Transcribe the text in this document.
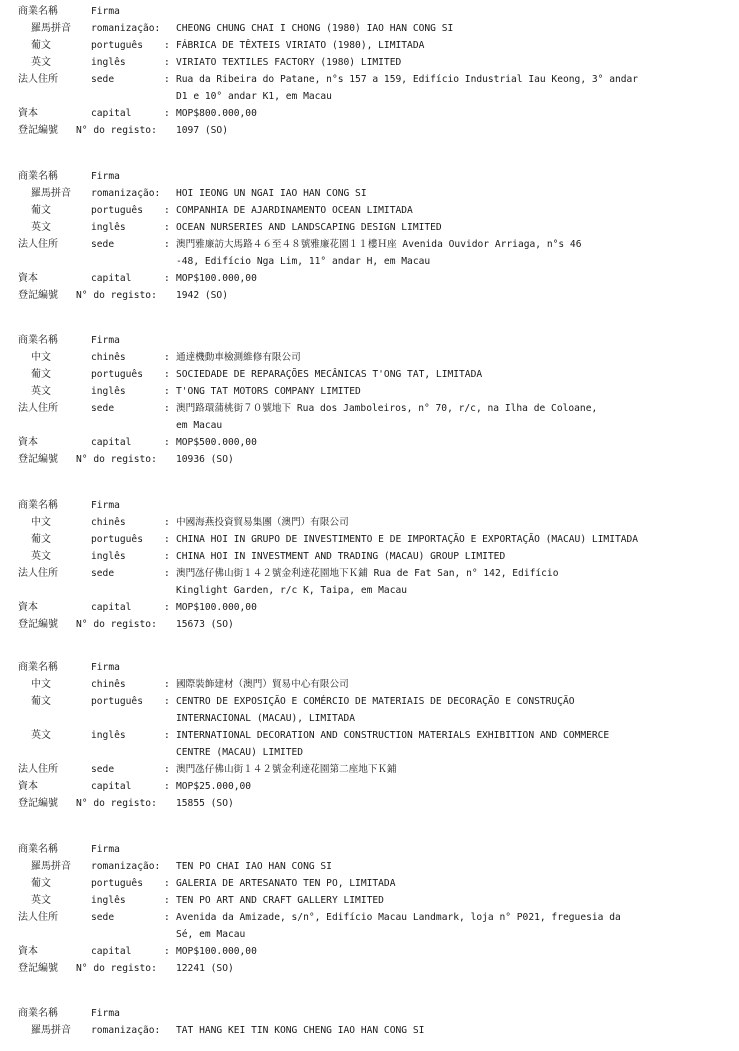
商業名稱	Firma
羅馬拼音	romanização: CHEONG CHUNG CHAI I CHONG (1980) IAO HAN CONG SI
葡文	português : FÁBRICA DE TÊXTEIS VIRIATO (1980), LIMITADA
英文	inglês	: VIRIATO TEXTILES FACTORY (1980) LIMITED
法人住所	sede	: Rua da Ribeira do Patane, n°s 157 a 159, Edifício Industrial Iau Keong, 3° andar
D1 e 10° andar K1, em Macau
資本	capital	: MOP$800.000,00
登記編號	N° do registo: 1097 (SO)
商業名稱	Firma
羅馬拼音	romanização: HOI IEONG UN NGAI IAO HAN CONG SI
葡文	português : COMPANHIA DE AJARDINAMENTO OCEAN LIMITADA
英文	inglês	: OCEAN NURSERIES AND LANDSCAPING DESIGN LIMITED
法人住所	sede	: 澳門雅廉訪大馬路４６至４８號雅廉花園１１樓Ｈ座 Avenida Ouvidor Arriaga, n°s 46
-48, Edifício Nga Lim, 11° andar H, em Macau
資本	capital	: MOP$100.000,00
登記編號	N° do registo: 1942 (SO)
商業名稱	Firma
中文	chinês	: 通達機動車檢測維修有限公司
葡文	português : SOCIEDADE DE REPARAÇÕES MECÂNICAS T'ONG TAT, LIMITADA
英文	inglês	: T'ONG TAT MOTORS COMPANY LIMITED
法人住所	sede	: 澳門路環蒲桃街７０號地下 Rua dos Jamboleiros, n° 70, r/c, na Ilha de Coloane,
em Macau
資本	capital	: MOP$500.000,00
登記編號	N° do registo: 10936 (SO)
商業名稱	Firma
中文	chinês	: 中國海燕投資貿易集團（澳門）有限公司
葡文	português : CHINA HOI IN GRUPO DE INVESTIMENTO E DE IMPORTAÇÃO E EXPORTAÇÃO (MACAU) LIMITADA
英文	inglês	: CHINA HOI IN INVESTMENT AND TRADING (MACAU) GROUP LIMITED
法人住所	sede	: 澳門氹仔佛山街１４２號金利達花園地下Ｋ鋪 Rua de Fat San, n° 142, Edifício
Kinglight Garden, r/c K, Taipa, em Macau
資本	capital	: MOP$100.000,00
登記編號	N° do registo: 15673 (SO)
商業名稱	Firma
中文	chinês	: 國際裝飾建材（澳門）貿易中心有限公司
葡文	português : CENTRO DE EXPOSIÇÃO E COMÉRCIO DE MATERIAIS DE DECORAÇÃO E CONSTRUÇÃO
INTERNACIONAL (MACAU), LIMITADA
英文	inglês	: INTERNATIONAL DECORATION AND CONSTRUCTION MATERIALS EXHIBITION AND COMMERCE
CENTRE (MACAU) LIMITED
法人住所	sede	: 澳門氹仔佛山街１４２號金利達花園第二座地下Ｋ鋪
資本	capital	: MOP$25.000,00
登記編號	N° do registo: 15855 (SO)
商業名稱	Firma
羅馬拼音	romanização: TEN PO CHAI IAO HAN CONG SI
葡文	português : GALERIA DE ARTESANATO TEN PO, LIMITADA
英文	inglês	: TEN PO ART AND CRAFT GALLERY LIMITED
法人住所	sede	: Avenida da Amizade, s/n°, Edifício Macau Landmark, loja n° P021, freguesia da
Sé, em Macau
資本	capital	: MOP$100.000,00
登記編號	N° do registo: 12241 (SO)
商業名稱	Firma
羅馬拼音	romanização: TAT HANG KEI TIN KONG CHENG IAO HAN CONG SI
